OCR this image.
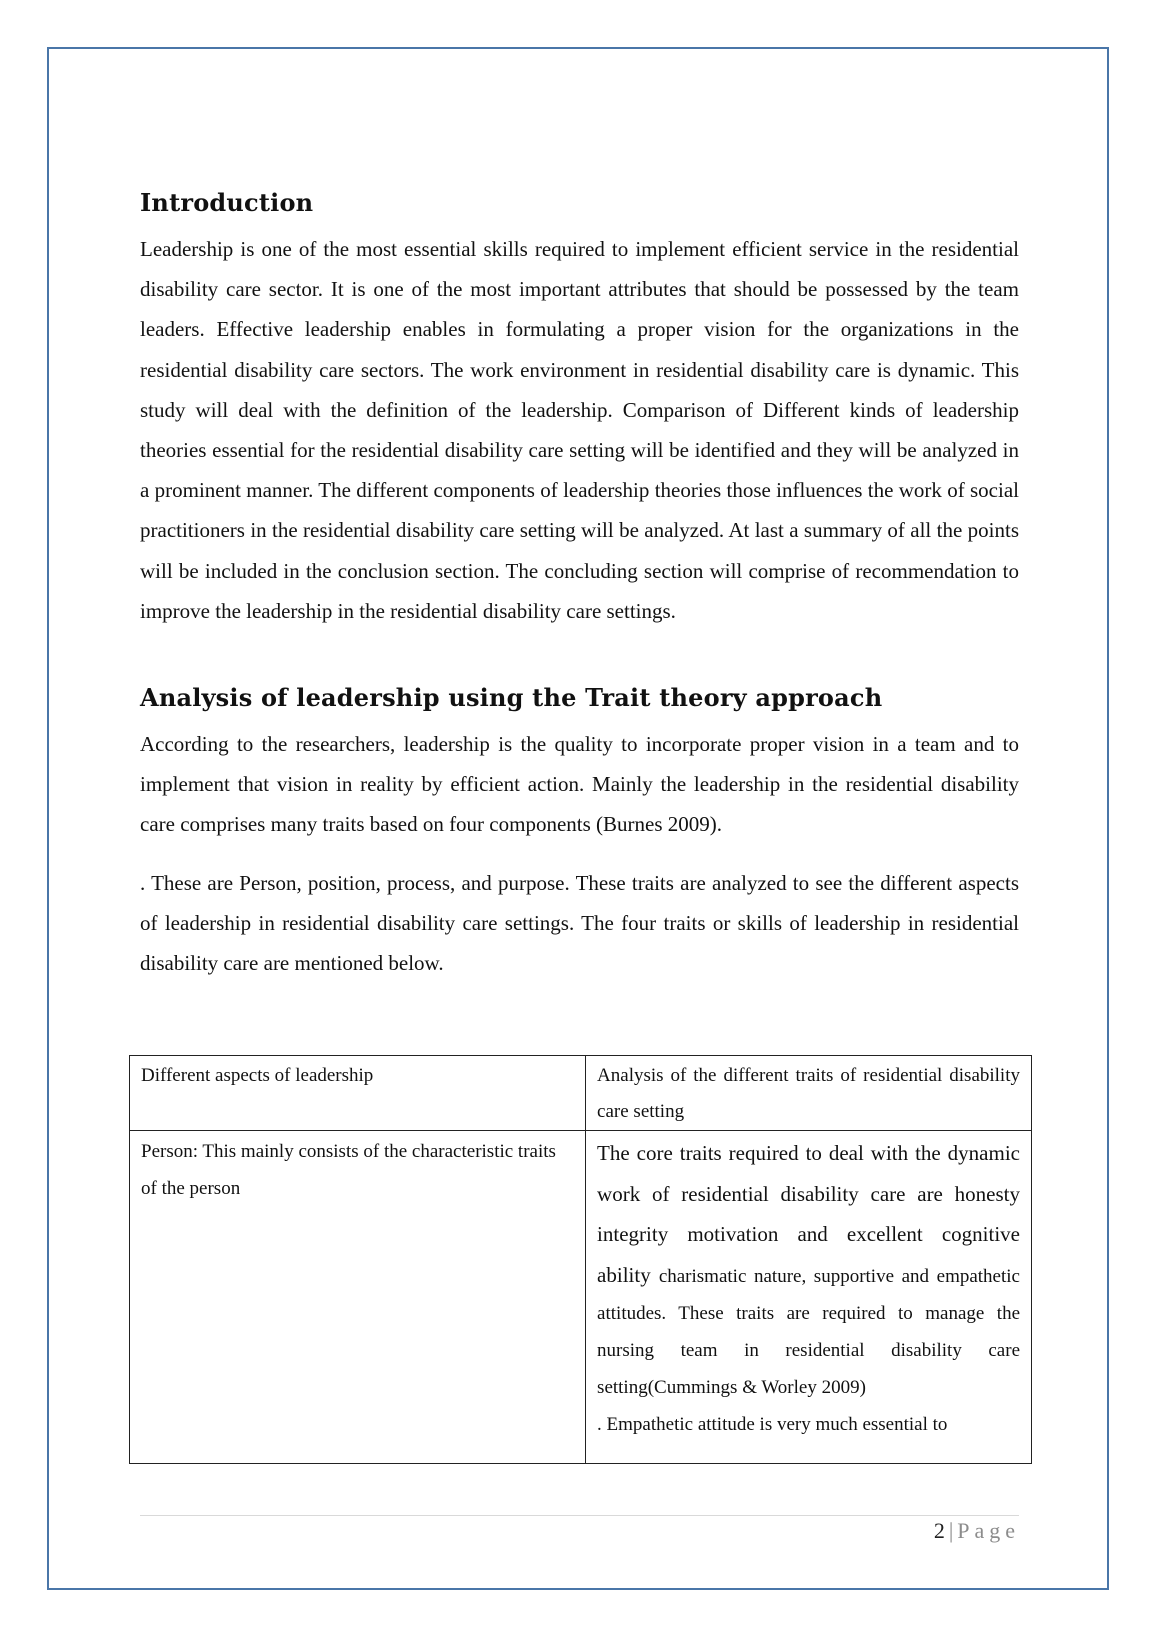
Introduction

Leadership is one of the most essential skills required to implement efficient service in the residential disability care sector. It is one of the most important attributes that should be possessed by the team leaders. Effective leadership enables in formulating a proper vision for the organizations in the residential disability care sectors. The work environment in residential disability care is dynamic. This study will deal with the definition of the leadership. Comparison of Different kinds of leadership theories essential for the residential disability care setting will be identified and they will be analyzed in a prominent manner. The different components of leadership theories those influences the work of social practitioners in the residential disability care setting will be analyzed. At last a summary of all the points will be included in the conclusion section. The concluding section will comprise of recommendation to improve the leadership in the residential disability care settings.

Analysis of leadership using the Trait theory approach

According to the researchers, leadership is the quality to incorporate proper vision in a team and to implement that vision in reality by efficient action. Mainly the leadership in the residential disability care comprises many traits based on four components (Burnes 2009).

. These are Person, position, process, and purpose. These traits are analyzed to see the different aspects of leadership in residential disability care settings. The four traits or skills of leadership in residential disability care are mentioned below.

Different aspects of leadership	Analysis of the different traits of residential disability care setting
Person: This mainly consists of the characteristic traits of the person	The core traits required to deal with the dynamic work of residential disability care are honesty integrity motivation and excellent cognitive ability charismatic nature, supportive and empathetic attitudes. These traits are required to manage the nursing team in residential disability care setting(Cummings & Worley 2009)
. Empathetic attitude is very much essential to
2 | Page
